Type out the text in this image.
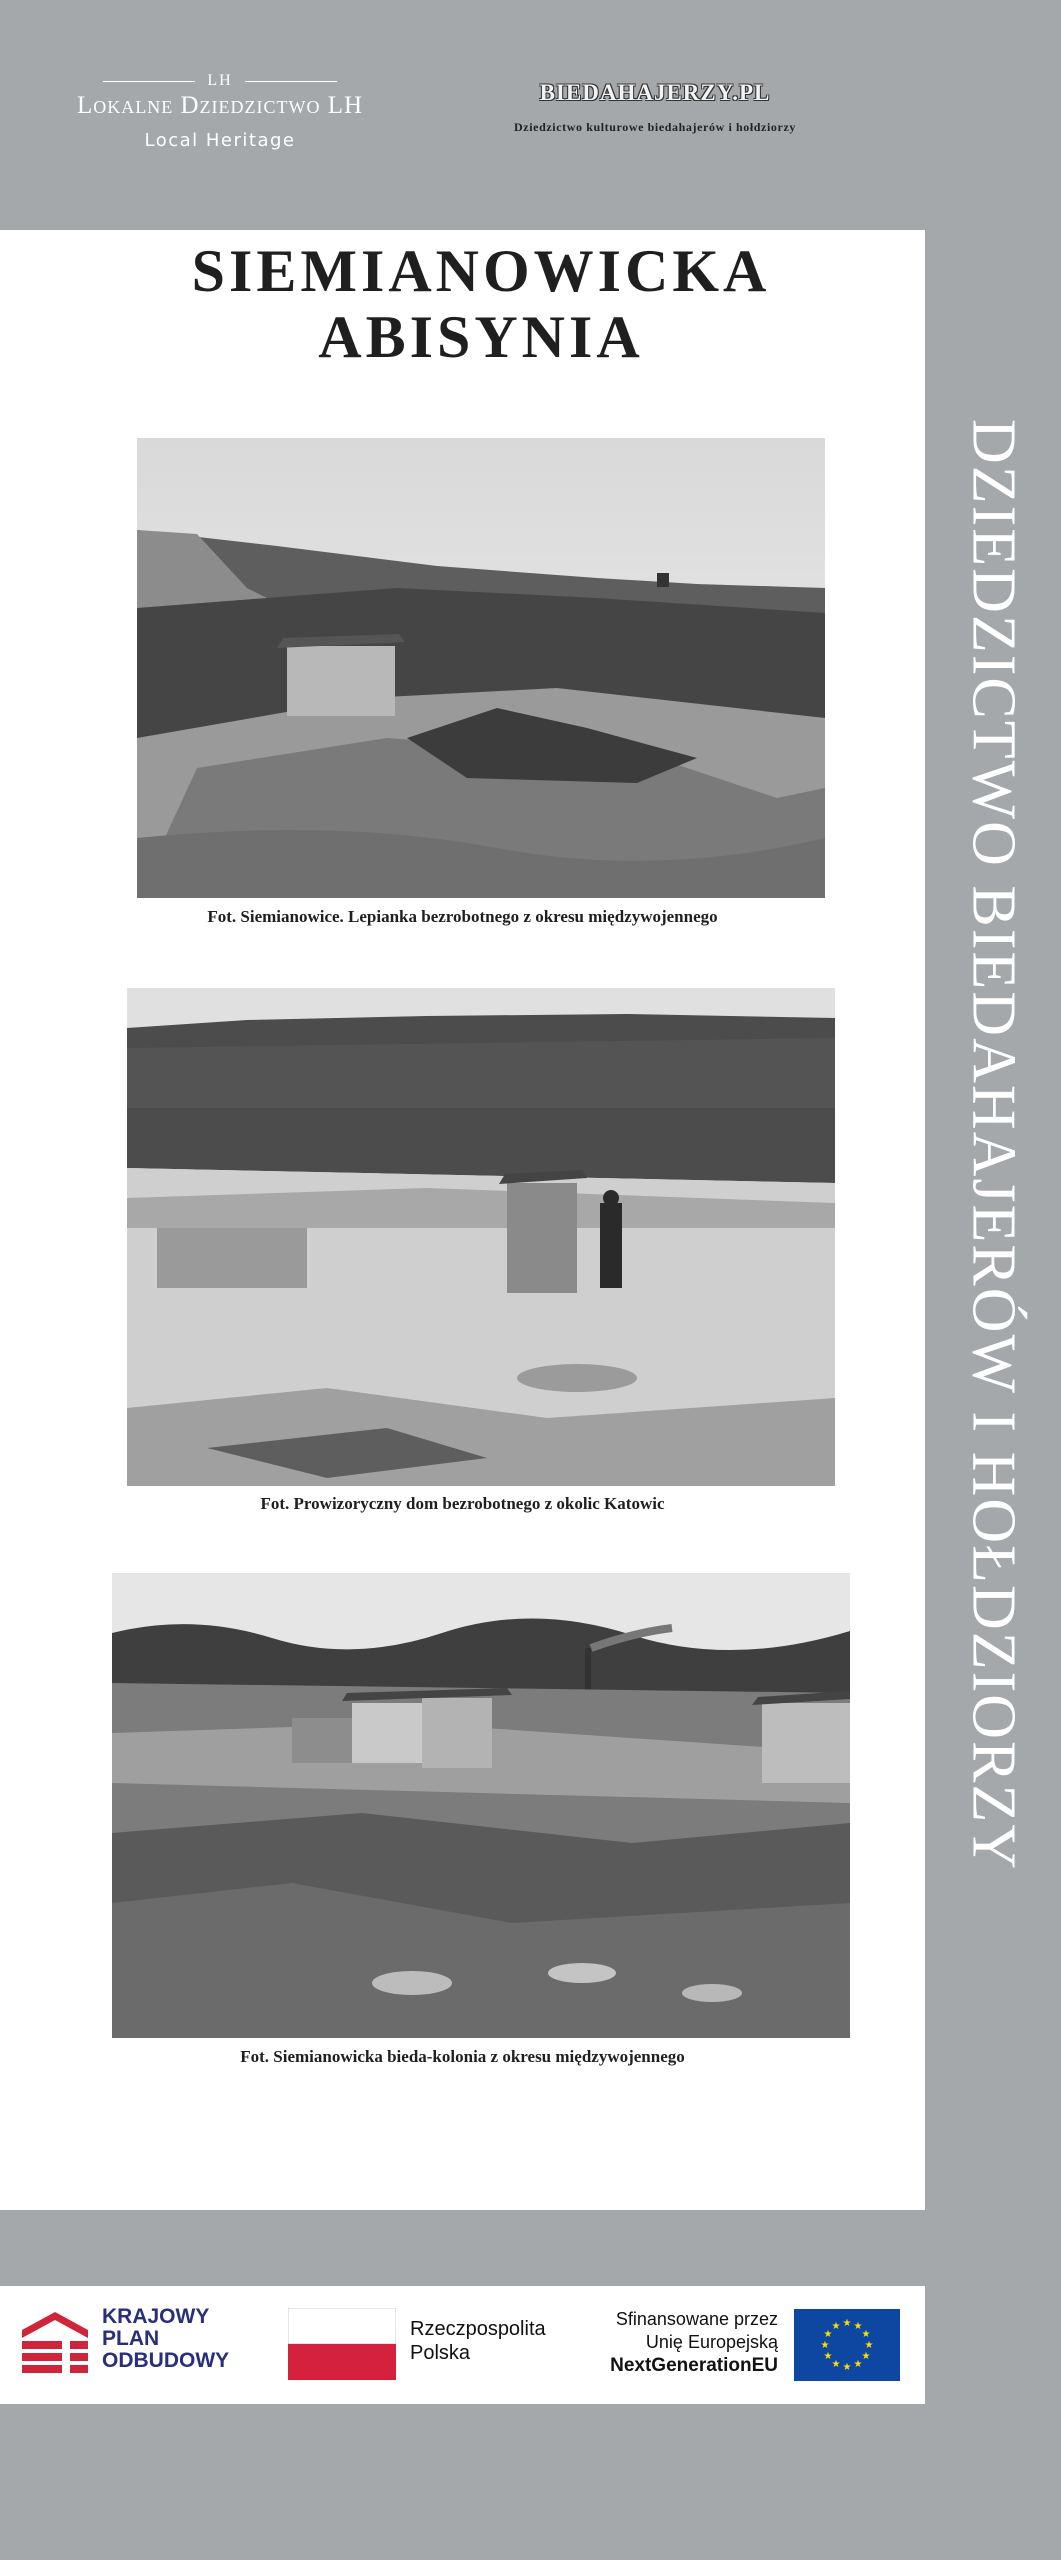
LH
Lokalne Dziedzictwo LH
Local Heritage
BIEDAHAJERZY.PL
Dziedzictwo kulturowe biedahajerów i hołdziorzy
DZIEDZICTWO BIEDAHAJERÓW I HOŁDZIORZY
SIEMIANOWICKA
ABISYNIA
Fot. Siemianowice. Lepianka bezrobotnego z okresu międzywojennego
Fot. Prowizoryczny dom bezrobotnego z okolic Katowic
Fot. Siemianowicka bieda-kolonia z okresu międzywojennego
KRAJOWY
PLAN
ODBUDOWY
Rzeczpospolita
Polska
Sfinansowane przez
Unię Europejską
NextGenerationEU
★ ★
★
★
★
★
★
★
★
★
★
★
